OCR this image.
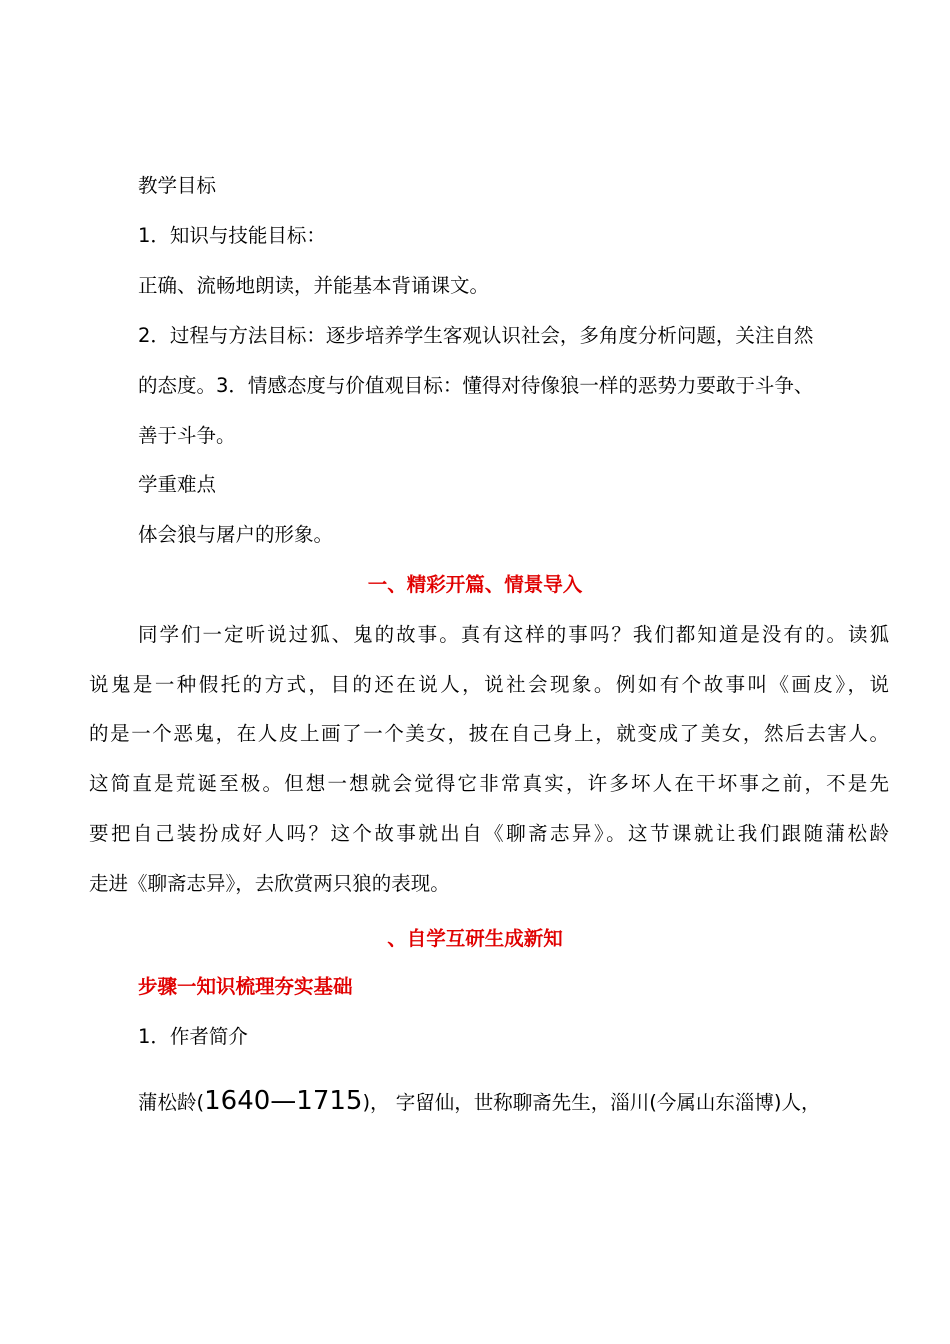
教学目标
1．知识与技能目标：
正确、流畅地朗读，并能基本背诵课文。
2．过程与方法目标：逐步培养学生客观认识社会，多角度分析问题，关注自然
的态度。3．情感态度与价值观目标：懂得对待像狼一样的恶势力要敢于斗争、
善于斗争。
学重难点
体会狼与屠户的形象。
一、精彩开篇、情景导入
同学们一定听说过狐、鬼的故事。真有这样的事吗？我们都知道是没有的。读狐
说鬼是一种假托的方式，目的还在说人，说社会现象。例如有个故事叫《画皮》，说
的是一个恶鬼，在人皮上画了一个美女，披在自己身上，就变成了美女，然后去害人。
这简直是荒诞至极。但想一想就会觉得它非常真实，许多坏人在干坏事之前，不是先
要把自己装扮成好人吗？这个故事就出自《聊斋志异》。这节课就让我们跟随蒲松龄
走进《聊斋志异》，去欣赏两只狼的表现。
、自学互研生成新知
步骤一知识梳理夯实基础
1．作者简介
蒲松龄(1640—1715)， 字留仙，世称聊斋先生，淄川(今属山东淄博)人，
